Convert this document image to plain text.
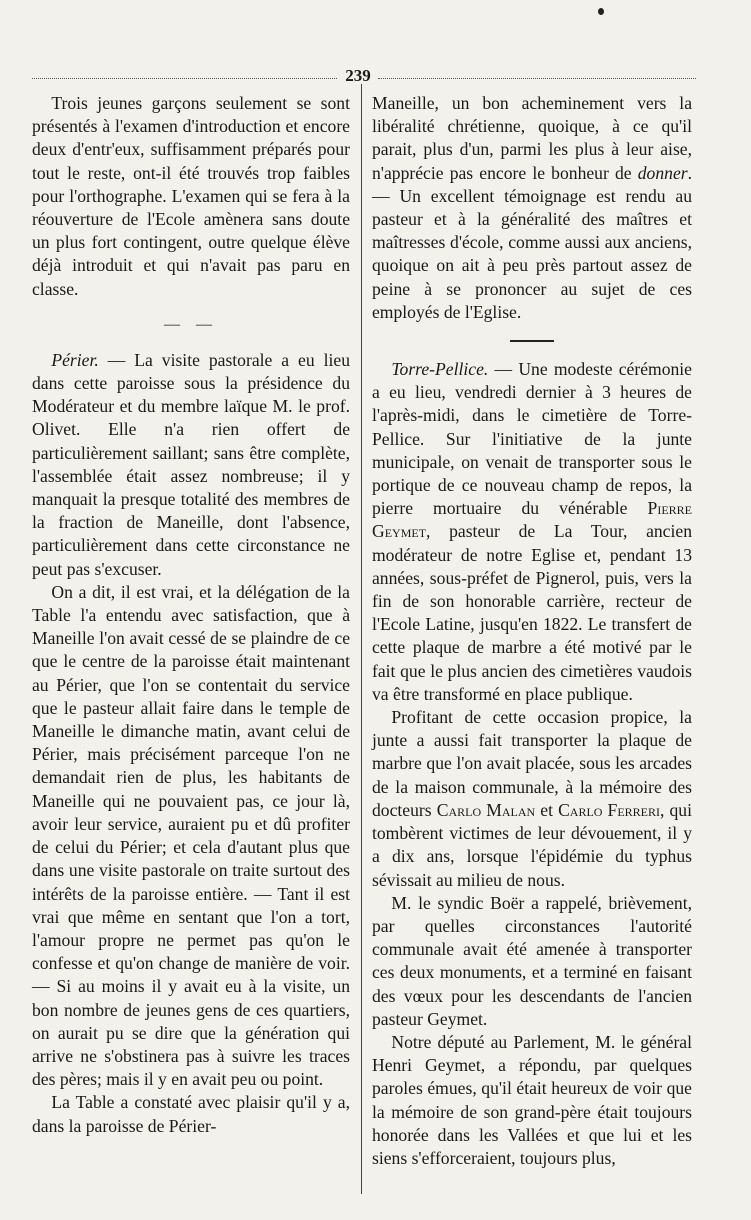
239

Trois jeunes garçons seulement se sont présentés à l'examen d'introduction et encore deux d'entr'eux, suffisamment préparés pour tout le reste, ont-il été trouvés trop faibles pour l'orthographe. L'examen qui se fera à la réouverture de l'Ecole amènera sans doute un plus fort contingent, outre quelque élève déjà introduit et qui n'avait pas paru en classe.

— —

Périer. — La visite pastorale a eu lieu dans cette paroisse sous la présidence du Modérateur et du membre laïque M. le prof. Olivet. Elle n'a rien offert de particulièrement saillant; sans être complète, l'assemblée était assez nombreuse; il y manquait la presque totalité des membres de la fraction de Maneille, dont l'absence, particulièrement dans cette circonstance ne peut pas s'excuser.

On a dit, il est vrai, et la délégation de la Table l'a entendu avec satisfaction, que à Maneille l'on avait cessé de se plaindre de ce que le centre de la paroisse était maintenant au Périer, que l'on se contentait du service que le pasteur allait faire dans le temple de Maneille le dimanche matin, avant celui de Périer, mais précisément parceque l'on ne demandait rien de plus, les habitants de Maneille qui ne pouvaient pas, ce jour là, avoir leur service, auraient pu et dû profiter de celui du Périer; et cela d'autant plus que dans une visite pastorale on traite surtout des intérêts de la paroisse entière. — Tant il est vrai que même en sentant que l'on a tort, l'amour propre ne permet pas qu'on le confesse et qu'on change de manière de voir. — Si au moins il y avait eu à la visite, un bon nombre de jeunes gens de ces quartiers, on aurait pu se dire que la génération qui arrive ne s'obstinera pas à suivre les traces des pères; mais il y en avait peu ou point.

La Table a constaté avec plaisir qu'il y a, dans la paroisse de Périer-

Maneille, un bon acheminement vers la libéralité chrétienne, quoique, à ce qu'il parait, plus d'un, parmi les plus à leur aise, n'apprécie pas encore le bonheur de donner. — Un excellent témoignage est rendu au pasteur et à la généralité des maîtres et maîtresses d'école, comme aussi aux anciens, quoique on ait à peu près partout assez de peine à se prononcer au sujet de ces employés de l'Eglise.

Torre-Pellice. — Une modeste cérémonie a eu lieu, vendredi dernier à 3 heures de l'après-midi, dans le cimetière de Torre-Pellice. Sur l'initiative de la junte municipale, on venait de transporter sous le portique de ce nouveau champ de repos, la pierre mortuaire du vénérable Pierre Geymet, pasteur de La Tour, ancien modérateur de notre Eglise et, pendant 13 années, sous-préfet de Pignerol, puis, vers la fin de son honorable carrière, recteur de l'Ecole Latine, jusqu'en 1822. Le transfert de cette plaque de marbre a été motivé par le fait que le plus ancien des cimetières vaudois va être transformé en place publique.

Profitant de cette occasion propice, la junte a aussi fait transporter la plaque de marbre que l'on avait placée, sous les arcades de la maison communale, à la mémoire des docteurs Carlo Malan et Carlo Ferreri, qui tombèrent victimes de leur dévouement, il y a dix ans, lorsque l'épidémie du typhus sévissait au milieu de nous.

M. le syndic Boër a rappelé, brièvement, par quelles circonstances l'autorité communale avait été amenée à transporter ces deux monuments, et a terminé en faisant des vœux pour les descendants de l'ancien pasteur Geymet.

Notre député au Parlement, M. le général Henri Geymet, a répondu, par quelques paroles émues, qu'il était heureux de voir que la mémoire de son grand-père était toujours honorée dans les Vallées et que lui et les siens s'efforceraient, toujours plus,
